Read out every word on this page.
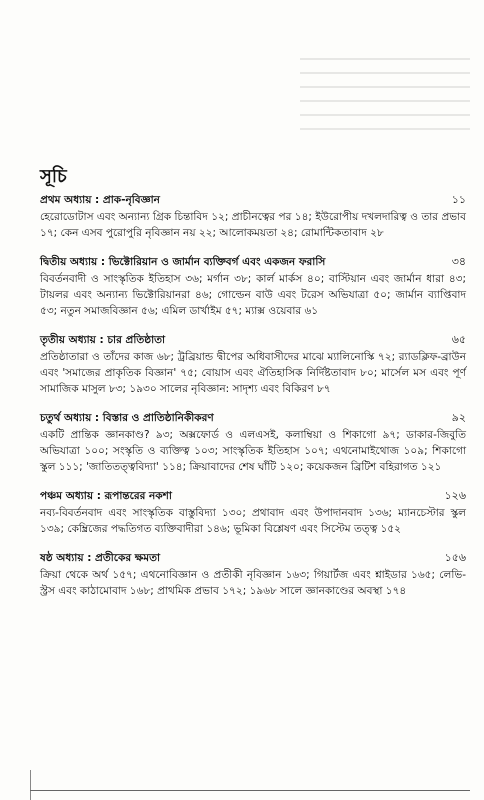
সূচি
প্রথম অধ্যায় : প্রাক-নৃবিজ্ঞান	১১
হেরোডোটাস এবং অন্যান্য গ্রিক চিন্তাবিদ ১২; প্রাচীনত্বের পর ১৪; ইউরোপীয় দখলদারিত্ব ও তার প্রভাব ১৭; কেন এসব পুরোপুরি নৃবিজ্ঞান নয় ২২; আলোকময়তা ২৪; রোমান্টিকতাবাদ ২৮
দ্বিতীয় অধ্যায় : ভিক্টোরিয়ান ও জার্মান ব্যক্তিবর্গ এবং একজন ফরাসি	৩৪
বিবর্তনবাদী ও সাংস্কৃতিক ইতিহাস ৩৬; মর্গান ৩৮; কার্ল মার্কস ৪০; বাস্টিয়ান এবং জার্মান ধারা ৪৩; টায়লর এবং অন্যান্য ভিক্টোরিয়ানরা ৪৬; গোল্ডেন বাউ এবং টরেস অভিযাত্রা ৫০; জার্মান ব্যাপ্তিবাদ ৫৩; নতুন সমাজবিজ্ঞান ৫৬; এমিল ডার্খাইম ৫৭; ম্যাক্স ওয়েবার ৬১
তৃতীয় অধ্যায় : চার প্রতিষ্ঠাতা	৬৫
প্রতিষ্ঠাতারা ও তাঁদের কাজ ৬৮; ট্রব্রিয়ান্ড দ্বীপের অধিবাসীদের মাঝে ম্যালিনোস্কি ৭২; র‍্যাডক্লিফ-ব্রাউন এবং 'সমাজের প্রাকৃতিক বিজ্ঞান' ৭৫; বোয়াস এবং ঐতিহাসিক নির্দিষ্টতাবাদ ৮০; মার্সেল মস এবং পূর্ণ সামাজিক মাসুল ৮৩; ১৯৩০ সালের নৃবিজ্ঞান: সাদৃশ্য এবং বিকিরণ ৮৭
চতুর্থ অধ্যায় : বিস্তার ও প্রাতিষ্ঠানিকীকরণ	৯২
একটি প্রান্তিক জ্ঞানকাণ্ড? ৯৩; অক্সফোর্ড ও এলএসই, কলাম্বিয়া ও শিকাগো ৯৭; ডাকার-জিবুতি অভিযাত্রা ১০০; সংস্কৃতি ও ব্যক্তিত্ব ১০৩; সাংস্কৃতিক ইতিহাস ১০৭; এথনোমাইথোজ ১০৯; শিকাগো স্কুল ১১১; 'জাতিতত্ত্ববিদ্যা' ১১৪; ক্রিয়াবাদের শেষ ঘাঁটি ১২০; কয়েকজন ব্রিটিশ বহিরাগত ১২১
পঞ্চম অধ্যায় : রূপান্তরের নকশা	১২৬
নব্য-বিবর্তনবাদ এবং সাংস্কৃতিক বাস্তুবিদ্যা ১৩০; প্রথাবাদ এবং উপাদানবাদ ১৩৬; ম্যানচেস্টার স্কুল ১৩৯; কেম্ব্রিজের পদ্ধতিগত ব্যক্তিবাদীরা ১৪৬; ভূমিকা বিশ্লেষণ এবং সিস্টেম তত্ত্ব ১৫২
ষষ্ঠ অধ্যায় : প্রতীকের ক্ষমতা	১৫৬
ক্রিয়া থেকে অর্থ ১৫৭; এথনোবিজ্ঞান ও প্রতীকী নৃবিজ্ঞান ১৬৩; গিয়ার্টজ এবং শ্নাইডার ১৬৫; লেভি-স্ট্রস এবং কাঠামোবাদ ১৬৮; প্রাথমিক প্রভাব ১৭২; ১৯৬৮ সালে জ্ঞানকাণ্ডের অবস্থা ১৭৪
